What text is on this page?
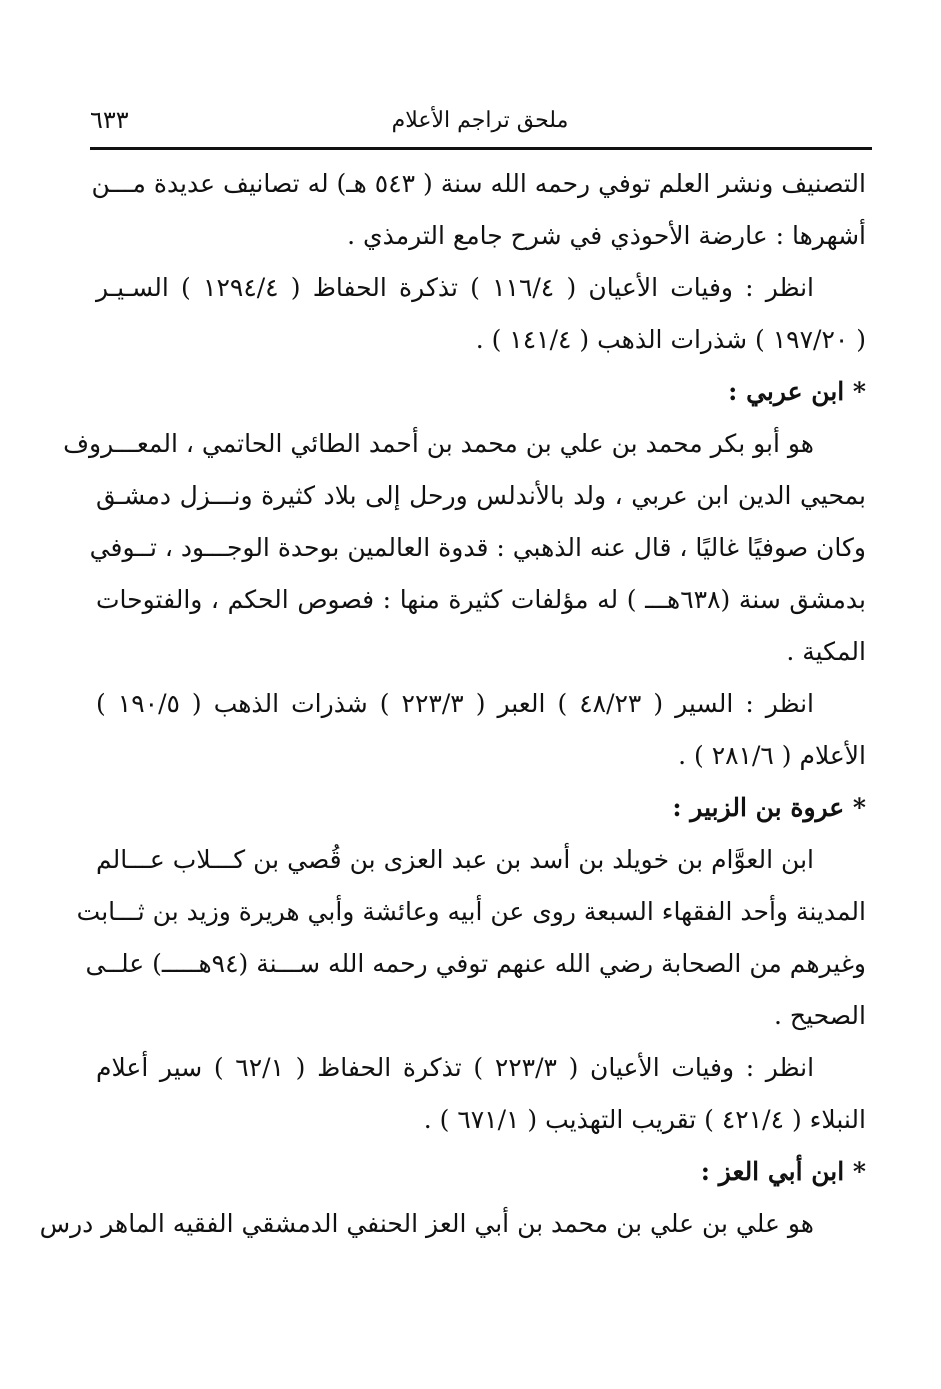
ملحق تراجم الأعلام
٦٣٣
التصنيف ونشر العلم توفي رحمه الله سنة ( ٥٤٣ هـ) له تصانيف عديدة مـــن
أشهرها : عارضة الأحوذي في شرح جامع الترمذي .
انظر : وفيات الأعيان ( ١١٦/٤ ) تذكرة الحفاظ ( ١٢٩٤/٤ ) السـيـر
( ١٩٧/٢٠ ) شذرات الذهب ( ١٤١/٤ ) .
* ابن عربي :
هو أبو بكر محمد بن علي بن محمد بن أحمد الطائي الحاتمي ، المعـــروف
بمحيي الدين ابن عربي ، ولد بالأندلس ورحل إلى بلاد كثيرة ونـــزل دمشـق
وكان صوفيًا غاليًا ، قال عنه الذهبي : قدوة العالمين بوحدة الوجـــود ، تــوفي
بدمشق سنة (٦٣٨هـــ ) له مؤلفات كثيرة منها : فصوص الحكم ، والفتوحات
المكية .
انظر : السير ( ٤٨/٢٣ ) العبر ( ٢٢٣/٣ ) شذرات الذهب ( ١٩٠/٥ )
الأعلام ( ٢٨١/٦ ) .
* عروة بن الزبير :
ابن العوَّام بن خويلد بن أسد بن عبد العزى بن قُصي بن كـــلاب عـــالم
المدينة وأحد الفقهاء السبعة روى عن أبيه وعائشة وأبي هريرة وزيد بن ثـــابت
وغيرهم من الصحابة رضي الله عنهم توفي رحمه الله ســـنة (٩٤هـــــ) علــى
الصحيح .
انظر : وفيات الأعيان ( ٢٢٣/٣ ) تذكرة الحفاظ ( ٦٢/١ ) سير أعلام
النبلاء ( ٤٢١/٤ ) تقريب التهذيب ( ٦٧١/١ ) .
* ابن أبي العز :
هو علي بن علي بن محمد بن أبي العز الحنفي الدمشقي الفقيه الماهر درس
